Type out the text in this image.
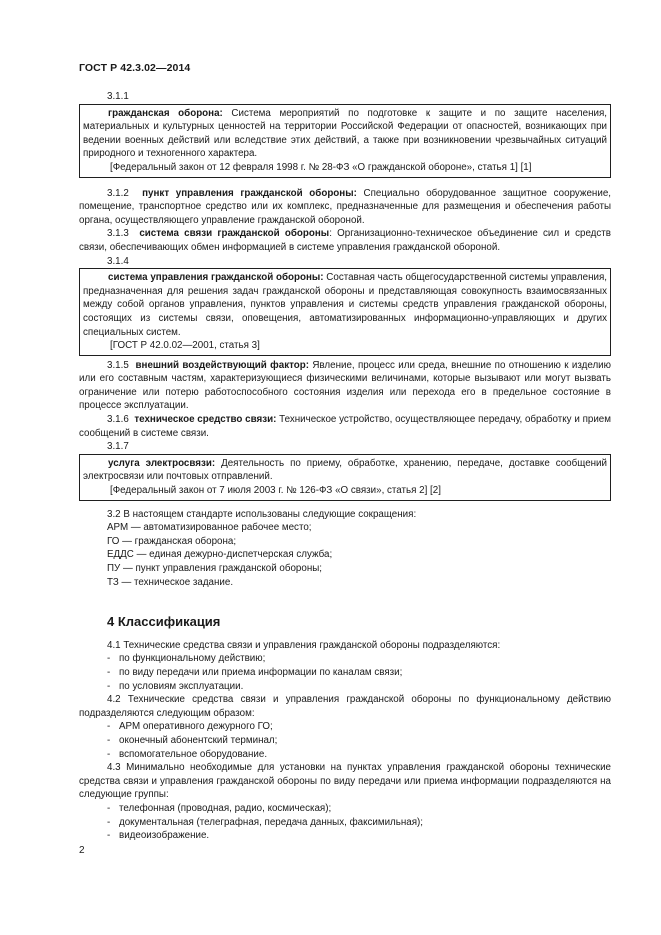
ГОСТ Р 42.3.02—2014

3.1.1

гражданская оборона: Система мероприятий по подготовке к защите и по защите населения, материальных и культурных ценностей на территории Российской Федерации от опасностей, возникающих при ведении военных действий или вследствие этих действий, а также при возникновении чрезвычайных ситуаций природного и техногенного характера.

[Федеральный закон от 12 февраля 1998 г. № 28-ФЗ «О гражданской обороне», статья 1] [1]

3.1.2 пункт управления гражданской обороны: Специально оборудованное защитное сооружение, помещение, транспортное средство или их комплекс, предназначенные для размещения и обеспечения работы органа, осуществляющего управление гражданской обороной.

3.1.3 система связи гражданской обороны: Организационно-техническое объединение сил и средств связи, обеспечивающих обмен информацией в системе управления гражданской обороной.

3.1.4

система управления гражданской обороны: Составная часть общегосударственной системы управления, предназначенная для решения задач гражданской обороны и представляющая совокупность взаимосвязанных между собой органов управления, пунктов управления и системы средств управления гражданской обороны, состоящих из системы связи, оповещения, автоматизированных информационно-управляющих и других специальных систем.

[ГОСТ Р 42.0.02—2001, статья 3]

3.1.5 внешний воздействующий фактор: Явление, процесс или среда, внешние по отношению к изделию или его составным частям, характеризующиеся физическими величинами, которые вызывают или могут вызвать ограничение или потерю работоспособного состояния изделия или перехода его в предельное состояние в процессе эксплуатации.

3.1.6 техническое средство связи: Техническое устройство, осуществляющее передачу, обработку и прием сообщений в системе связи.

3.1.7

услуга электросвязи: Деятельность по приему, обработке, хранению, передаче, доставке сообщений электросвязи или почтовых отправлений.

[Федеральный закон от 7 июля 2003 г. № 126-ФЗ «О связи», статья 2] [2]

3.2 В настоящем стандарте использованы следующие сокращения:

АРМ — автоматизированное рабочее место;

ГО — гражданская оборона;

ЕДДС — единая дежурно-диспетчерская служба;

ПУ — пункт управления гражданской обороны;

ТЗ — техническое задание.

4 Классификация

4.1 Технические средства связи и управления гражданской обороны подразделяются:

- по функциональному действию;

- по виду передачи или приема информации по каналам связи;

- по условиям эксплуатации.

4.2 Технические средства связи и управления гражданской обороны по функциональному действию подразделяются следующим образом:

- АРМ оперативного дежурного ГО;

- оконечный абонентский терминал;

- вспомогательное оборудование.

4.3 Минимально необходимые для установки на пунктах управления гражданской обороны технические средства связи и управления гражданской обороны по виду передачи или приема информации подразделяются на следующие группы:

- телефонная (проводная, радио, космическая);

- документальная (телеграфная, передача данных, факсимильная);

- видеоизображение.

2
